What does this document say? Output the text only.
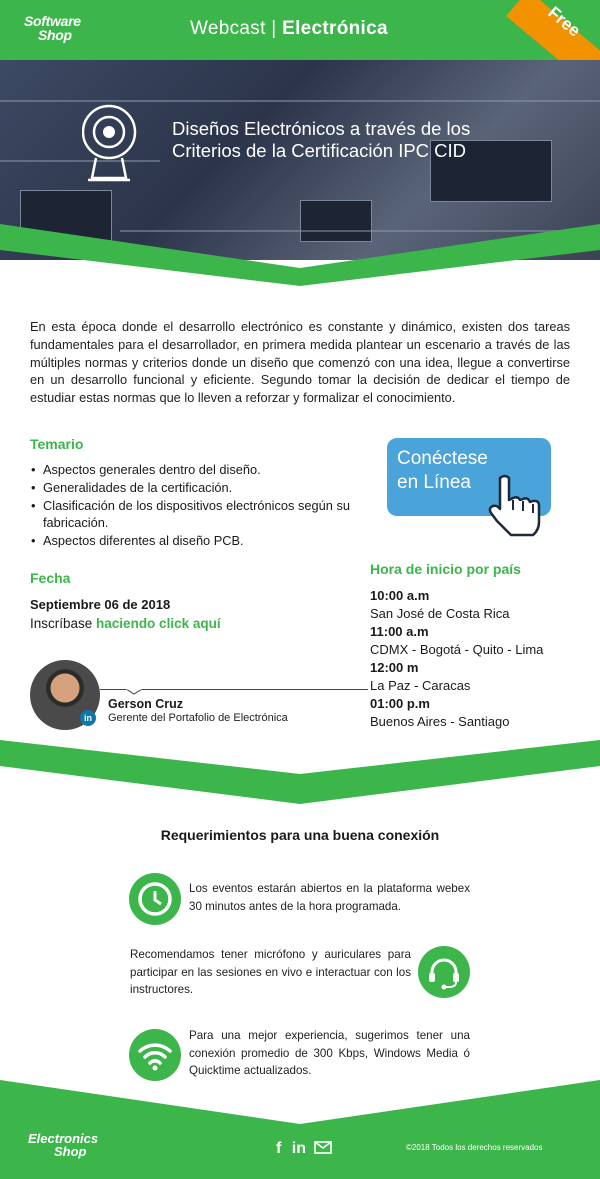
Software
Shop	Webcast | Electrónica	Free
Diseños Electrónicos a través de los
Criterios de la Certificación IPC CID
En esta época donde el desarrollo electrónico es constante y dinámico, existen dos tareas fundamentales para el desarrollador, en primera medida plantear un escenario a través de las múltiples normas y criterios donde un diseño que comenzó con una idea, llegue a convertirse en un desarrollo funcional y eficiente. Segundo tomar la decisión de dedicar el tiempo de estudiar estas normas que lo lleven a reforzar y formalizar el conocimiento.
Temario
• Aspectos generales dentro del diseño.
• Generalidades de la certificación.
• Clasificación de los dispositivos electrónicos según su fabricación.
• Aspectos diferentes al diseño PCB.
Fecha
Septiembre 06 de 2018
Inscríbase haciendo click aquí
Conéctese
en Línea
Hora de inicio por país
10:00 a.m
San José de Costa Rica
11:00 a.m
CDMX - Bogotá - Quito - Lima
12:00 m
La Paz - Caracas
01:00 p.m
Buenos Aires - Santiago
in
Gerson Cruz
Gerente del Portafolio de Electrónica
Requerimientos para una buena conexión
Los eventos estarán abiertos en la plataforma webex 30 minutos antes de la hora programada.
Recomendamos tener micrófono y auriculares para participar en las sesiones en vivo e interactuar con los instructores.
Para una mejor experiencia, sugerimos tener una conexión promedio de 300 Kbps, Windows Media ó Quicktime actualizados.
Electronics
Shop	f in	©2018 Todos los derechos reservados
